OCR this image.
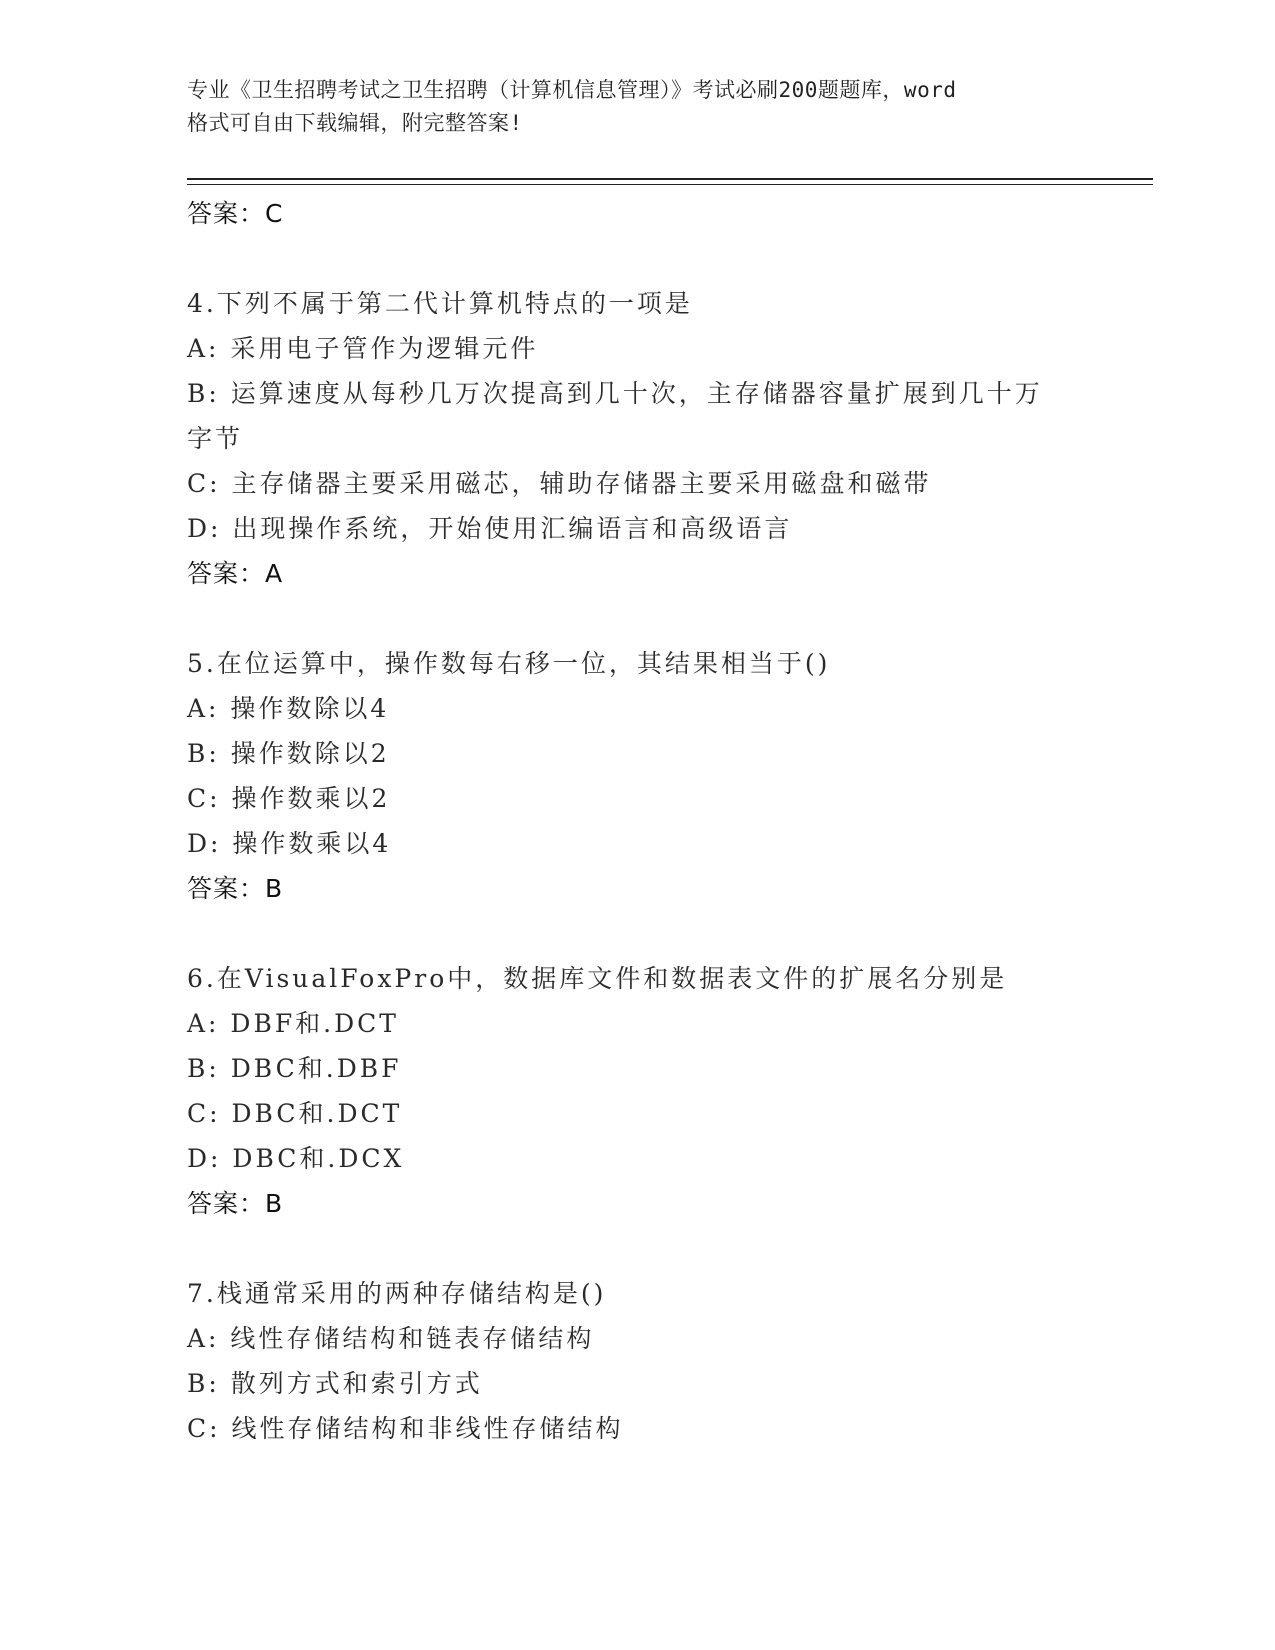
专业《卫生招聘考试之卫生招聘（计算机信息管理）》考试必刷200题题库，word
格式可自由下载编辑，附完整答案!
答案：C
4.下列不属于第二代计算机特点的一项是
A: 采用电子管作为逻辑元件
B: 运算速度从每秒几万次提高到几十次，主存储器容量扩展到几十万字节
C: 主存储器主要采用磁芯，辅助存储器主要采用磁盘和磁带
D: 出现操作系统，开始使用汇编语言和高级语言
答案：A
5.在位运算中，操作数每右移一位，其结果相当于()
A: 操作数除以4
B: 操作数除以2
C: 操作数乘以2
D: 操作数乘以4
答案：B
6.在VisualFoxPro中，数据库文件和数据表文件的扩展名分别是
A: DBF和.DCT
B: DBC和.DBF
C: DBC和.DCT
D: DBC和.DCX
答案：B
7.栈通常采用的两种存储结构是()
A: 线性存储结构和链表存储结构
B: 散列方式和索引方式
C: 线性存储结构和非线性存储结构
